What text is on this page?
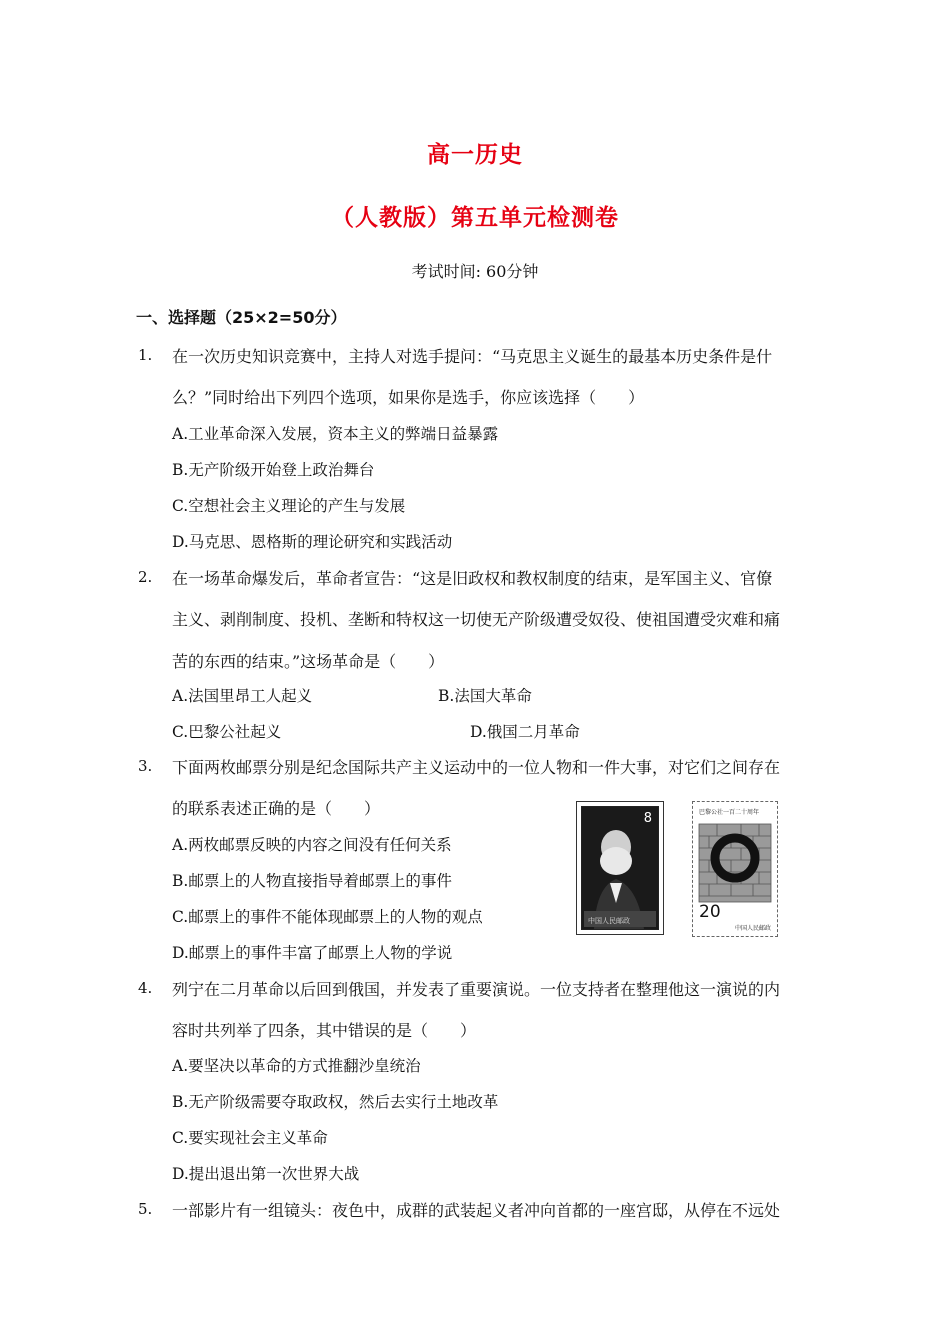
高一历史
（人教版）第五单元检测卷
考试时间: 60分钟
一、选择题（25×2=50分）
1. 在一次历史知识竞赛中，主持人对选手提问：“马克思主义诞生的最基本历史条件是什
么？”同时给出下列四个选项，如果你是选手，你应该选择（　　）
A.工业革命深入发展，资本主义的弊端日益暴露
B.无产阶级开始登上政治舞台
C.空想社会主义理论的产生与发展
D.马克思、恩格斯的理论研究和实践活动
2. 在一场革命爆发后，革命者宣告：“这是旧政权和教权制度的结束，是军国主义、官僚
主义、剥削制度、投机、垄断和特权这一切使无产阶级遭受奴役、使祖国遭受灾难和痛
苦的东西的结束。”这场革命是（　　）
A.法国里昂工人起义	B.法国大革命
C.巴黎公社起义	D.俄国二月革命
3. 下面两枚邮票分别是纪念国际共产主义运动中的一位人物和一件大事，对它们之间存在
的联系表述正确的是（　　）
A.两枚邮票反映的内容之间没有任何关系
B.邮票上的人物直接指导着邮票上的事件
C.邮票上的事件不能体现邮票上的人物的观点
D.邮票上的事件丰富了邮票上人物的学说
8
中国人民邮政
巴黎公社一百二十周年
20
中国人民邮政
4. 列宁在二月革命以后回到俄国，并发表了重要演说。一位支持者在整理他这一演说的内
容时共列举了四条，其中错误的是（　　）
A.要坚决以革命的方式推翻沙皇统治
B.无产阶级需要夺取政权，然后去实行土地改革
C.要实现社会主义革命
D.提出退出第一次世界大战
5. 一部影片有一组镜头：夜色中，成群的武装起义者冲向首都的一座宫邸，从停在不远处
